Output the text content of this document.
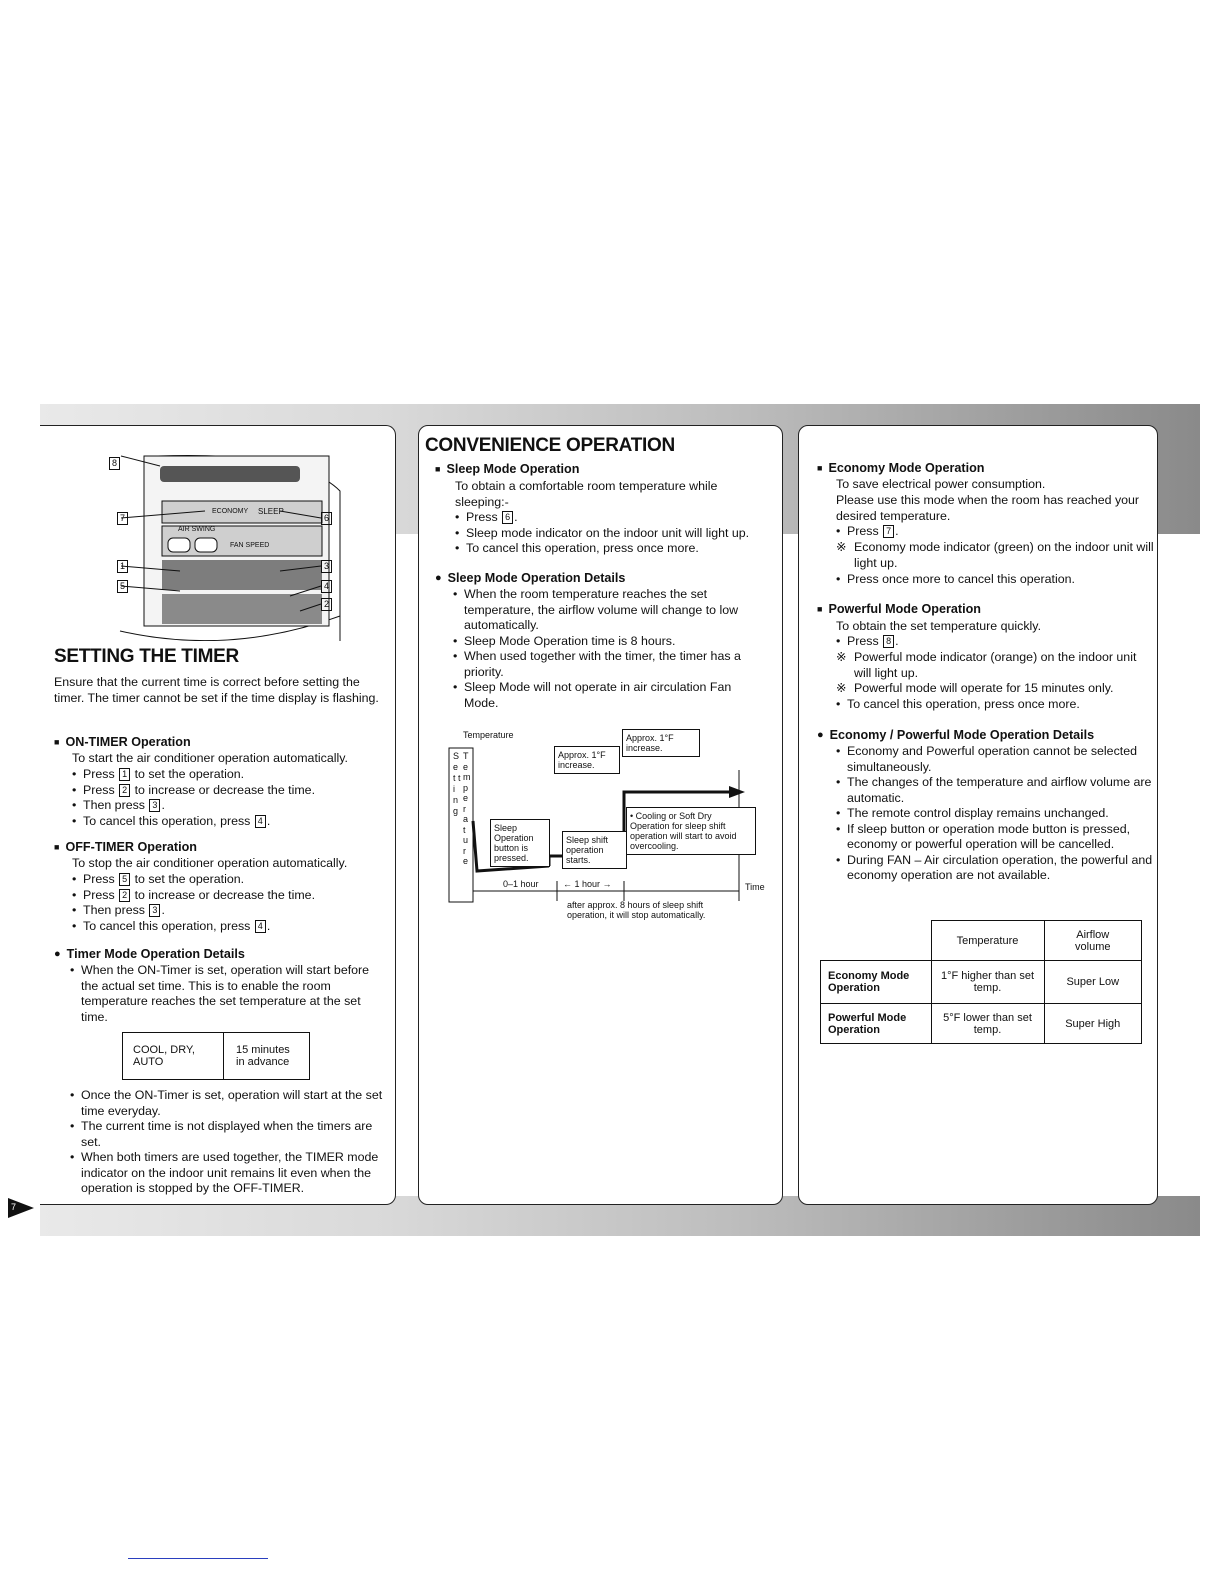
8
7	6
1	3
5	4
2
ECONOMY SLEEP
AIR SWING
FAN SPEED
SETTING THE TIMER
Ensure that the current time is correct before setting the timer. The timer cannot be set if the time display is flashing.
■ ON-TIMER Operation
To start the air conditioner operation automatically.
• Press 1 to set the operation.
• Press 2 to increase or decrease the time.
• Then press 3 .
• To cancel this operation, press 4 .
■ OFF-TIMER Operation
To stop the air conditioner operation automatically.
• Press 5 to set the operation.
• Press 2 to increase or decrease the time.
• Then press 3 .
• To cancel this operation, press 4 .
● Timer Mode Operation Details
• When the ON-Timer is set, operation will start before the actual set time. This is to enable the room temperature reaches the set temperature at the set time.
COOL, DRY, AUTO	15 minutes in advance
• Once the ON-Timer is set, operation will start at the set time everyday.
• The current time is not displayed when the timers are set.
• When both timers are used together, the TIMER mode indicator on the indoor unit remains lit even when the operation is stopped by the OFF-TIMER.
7
CONVENIENCE OPERATION
■ Sleep Mode Operation
To obtain a comfortable room temperature while sleeping:-
• Press 6 .
• Sleep mode indicator on the indoor unit will light up.
• To cancel this operation, press once more.
● Sleep Mode Operation Details
• When the room temperature reaches the set temperature, the airflow volume will change to low automatically.
• Sleep Mode Operation time is 8 hours.
• When used together with the timer, the timer has a priority.
• Sleep Mode will not operate in air circulation Fan Mode.
Temperature
S e t t i n g
T e m p e r a t u r e
Approx. 1°F increase.
Approx. 1°F increase.
Sleep Operation button is pressed.
Sleep shift operation starts.
• Cooling or Soft Dry Operation for sleep shift operation will start to avoid overcooling.
0–1 hour	← 1 hour →	Time
after approx. 8 hours of sleep shift operation, it will stop automatically.
■ Economy Mode Operation
To save electrical power consumption.
Please use this mode when the room has reached your desired temperature.
• Press 7 .
※ Economy mode indicator (green) on the indoor unit will light up.
• Press once more to cancel this operation.
■ Powerful Mode Operation
To obtain the set temperature quickly.
• Press 8 .
※ Powerful mode indicator (orange) on the indoor unit will light up.
※ Powerful mode will operate for 15 minutes only.
• To cancel this operation, press once more.
● Economy / Powerful Mode Operation Details
• Economy and Powerful operation cannot be selected simultaneously.
• The changes of the temperature and airflow volume are automatic.
• The remote control display remains unchanged.
• If sleep button or operation mode button is pressed, economy or powerful operation will be cancelled.
• During FAN – Air circulation operation, the powerful and economy operation are not available.
	Temperature	Airflow volume
Economy Mode Operation	1°F higher than set temp.	Super Low
Powerful Mode Operation	5°F lower than set temp.	Super High
